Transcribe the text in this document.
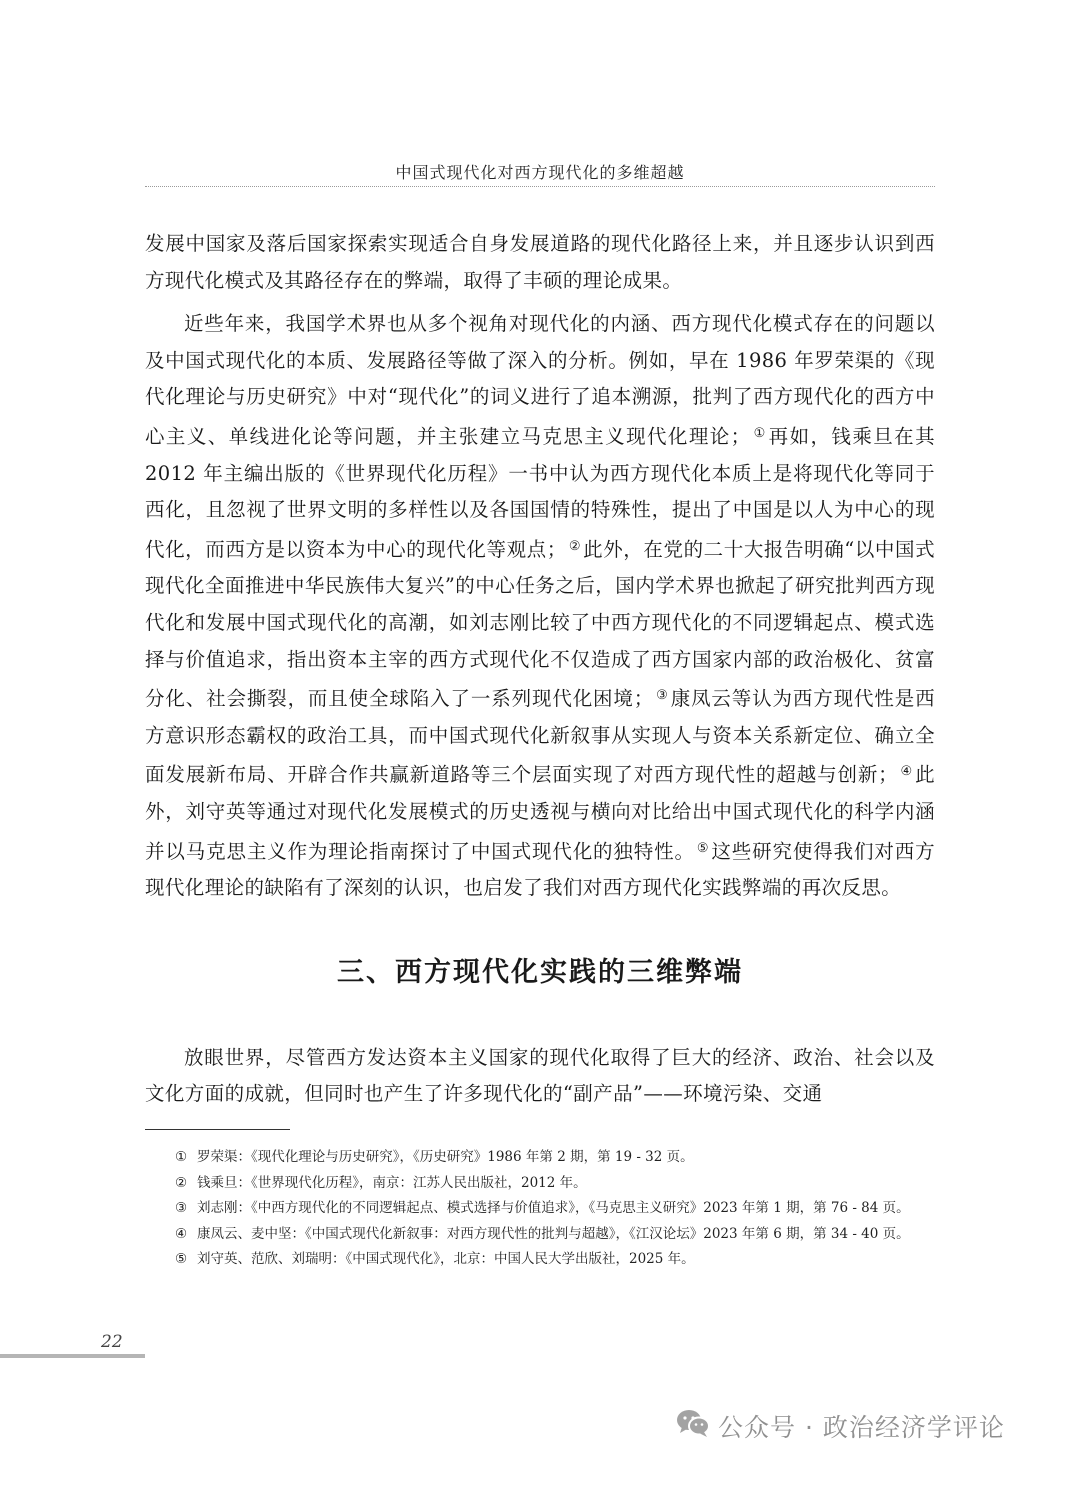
中国式现代化对西方现代化的多维超越

发展中国家及落后国家探索实现适合自身发展道路的现代化路径上来，并且逐步认识到西方现代化模式及其路径存在的弊端，取得了丰硕的理论成果。

近些年来，我国学术界也从多个视角对现代化的内涵、西方现代化模式存在的问题以及中国式现代化的本质、发展路径等做了深入的分析。例如，早在 1986 年罗荣渠的《现代化理论与历史研究》中对“现代化”的词义进行了追本溯源，批判了西方现代化的西方中心主义、单线进化论等问题，并主张建立马克思主义现代化理论； ① 再如，钱乘旦在其 2012 年主编出版的《世界现代化历程》一书中认为西方现代化本质上是将现代化等同于西化，且忽视了世界文明的多样性以及各国国情的特殊性，提出了中国是以人为中心的现代化，而西方是以资本为中心的现代化等观点； ② 此外，在党的二十大报告明确“以中国式现代化全面推进中华民族伟大复兴”的中心任务之后，国内学术界也掀起了研究批判西方现代化和发展中国式现代化的高潮，如刘志刚比较了中西方现代化的不同逻辑起点、模式选择与价值追求，指出资本主宰的西方式现代化不仅造成了西方国家内部的政治极化、贫富分化、社会撕裂，而且使全球陷入了一系列现代化困境； ③ 康凤云等认为西方现代性是西方意识形态霸权的政治工具，而中国式现代化新叙事从实现人与资本关系新定位、确立全面发展新布局、开辟合作共赢新道路等三个层面实现了对西方现代性的超越与创新； ④ 此外，刘守英等通过对现代化发展模式的历史透视与横向对比给出中国式现代化的科学内涵并以马克思主义作为理论指南探讨了中国式现代化的独特性。 ⑤ 这些研究使得我们对西方现代化理论的缺陷有了深刻的认识，也启发了我们对西方现代化实践弊端的再次反思。

三、西方现代化实践的三维弊端

放眼世界，尽管西方发达资本主义国家的现代化取得了巨大的经济、政治、社会以及文化方面的成就，但同时也产生了许多现代化的“副产品”——环境污染、交通

① 罗荣渠：《现代化理论与历史研究》，《历史研究》1986 年第 2 期，第 19 - 32 页。
② 钱乘旦：《世界现代化历程》，南京：江苏人民出版社，2012 年。
③ 刘志刚：《中西方现代化的不同逻辑起点、模式选择与价值追求》，《马克思主义研究》2023 年第 1 期，第 76 - 84 页。
④ 康凤云、麦中坚：《中国式现代化新叙事：对西方现代性的批判与超越》，《江汉论坛》2023 年第 6 期，第 34 - 40 页。
⑤ 刘守英、范欣、刘瑞明：《中国式现代化》，北京：中国人民大学出版社，2025 年。
22
公众号 · 政治经济学评论
